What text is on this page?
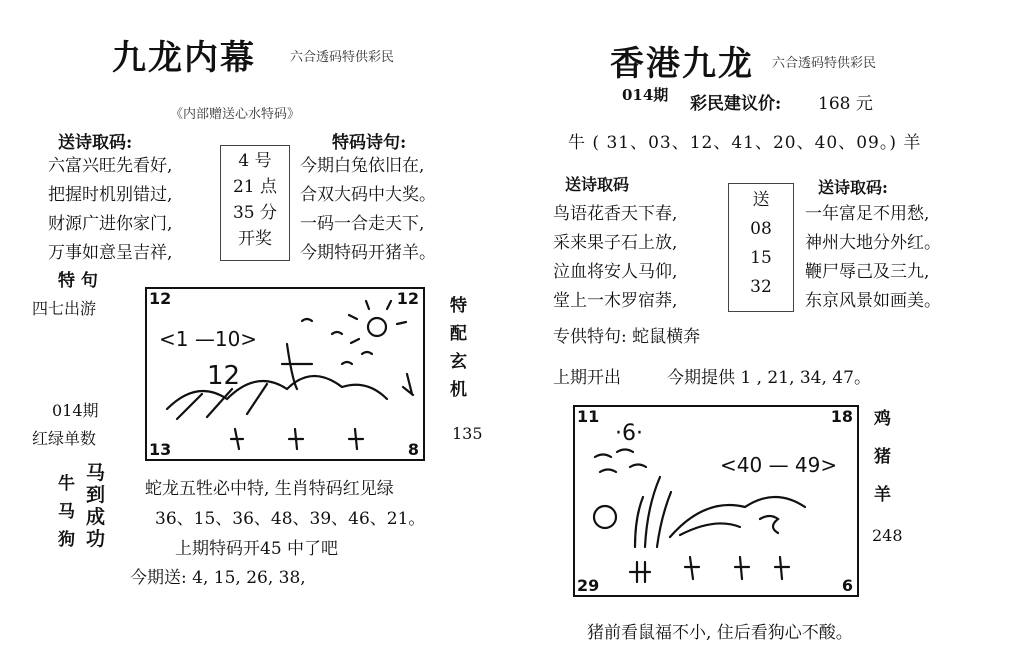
九龙内幕	六合透码特供彩民
《内部赠送心水特码》
送诗取码:	特码诗句:
六富兴旺先看好,
把握时机别错过,
财源广进你家门,
万事如意呈吉祥,
4 号
21 点
35 分
开奖
今期白兔依旧在,
合双大码中大奖。
一码一合走天下,
今期特码开猪羊。
特 句
四七出游
014期
红绿单数
<1 —10>
12
12	12
13	8
特
配
玄
机
135
牛
马
狗
马
到
成
功
蛇龙五牲必中特, 生肖特码红见绿
36、15、36、48、39、46、21。
上期特码开45 中了吧
今期送: 4, 15, 26, 38,
香港九龙 六合透码特供彩民
014期 彩民建议价: 168 元
牛 ( 31、03、12、41、20、40、09。) 羊
送诗取码	送诗取码:
鸟语花香天下春,
采来果子石上放,
泣血将安人马仰,
堂上一木罗宿莽,
送
08
15
32
一年富足不用愁,
神州大地分外红。
鞭尸辱己及三九,
东京风景如画美。
专供特句: 蛇鼠横奔
上期开出	今期提供 1 , 21, 34, 47。
·6·
<40 — 49>
11	18
29	6
鸡
猪
羊
248
猪前看鼠福不小, 住后看狗心不酸。
